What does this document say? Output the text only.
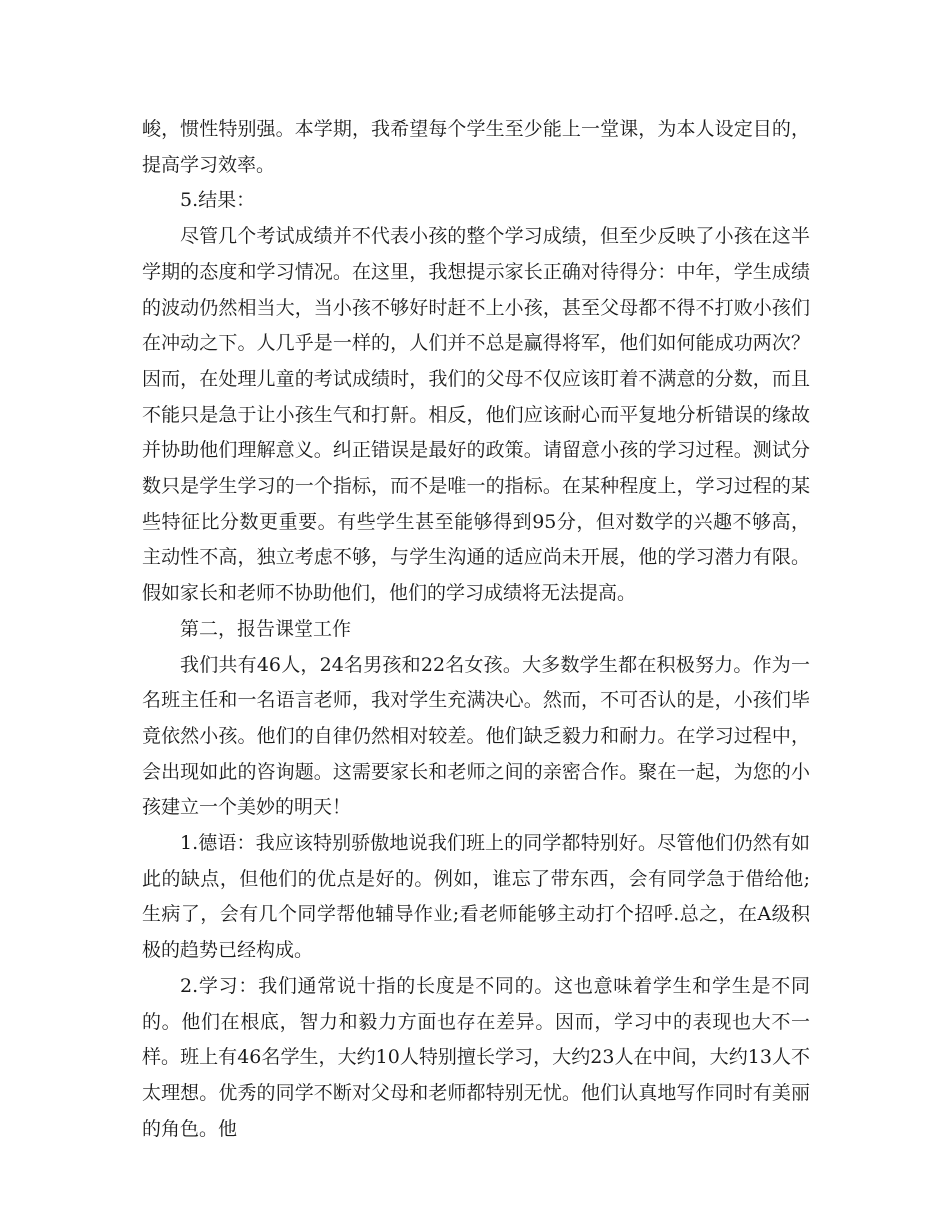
峻，惯性特别强。本学期，我希望每个学生至少能上一堂课，为本人设定目的，提高学习效率。

5.结果：

尽管几个考试成绩并不代表小孩的整个学习成绩，但至少反映了小孩在这半学期的态度和学习情况。在这里，我想提示家长正确对待得分：中年，学生成绩的波动仍然相当大，当小孩不够好时赶不上小孩，甚至父母都不得不打败小孩们在冲动之下。人几乎是一样的，人们并不总是赢得将军，他们如何能成功两次？因而，在处理儿童的考试成绩时，我们的父母不仅应该盯着不满意的分数，而且不能只是急于让小孩生气和打鼾。相反，他们应该耐心而平复地分析错误的缘故并协助他们理解意义。纠正错误是最好的政策。请留意小孩的学习过程。测试分数只是学生学习的一个指标，而不是唯一的指标。在某种程度上，学习过程的某些特征比分数更重要。有些学生甚至能够得到95分，但对数学的兴趣不够高，主动性不高，独立考虑不够，与学生沟通的适应尚未开展，他的学习潜力有限。假如家长和老师不协助他们，他们的学习成绩将无法提高。

第二，报告课堂工作

我们共有46人，24名男孩和22名女孩。大多数学生都在积极努力。作为一名班主任和一名语言老师，我对学生充满决心。然而，不可否认的是，小孩们毕竟依然小孩。他们的自律仍然相对较差。他们缺乏毅力和耐力。在学习过程中，会出现如此的咨询题。这需要家长和老师之间的亲密合作。聚在一起，为您的小孩建立一个美妙的明天！

1.德语：我应该特别骄傲地说我们班上的同学都特别好。尽管他们仍然有如此的缺点，但他们的优点是好的。例如，谁忘了带东西，会有同学急于借给他;生病了，会有几个同学帮他辅导作业;看老师能够主动打个招呼.总之，在A级积极的趋势已经构成。

2.学习：我们通常说十指的长度是不同的。这也意味着学生和学生是不同的。他们在根底，智力和毅力方面也存在差异。因而，学习中的表现也大不一样。班上有46名学生，大约10人特别擅长学习，大约23人在中间，大约13人不太理想。优秀的同学不断对父母和老师都特别无忧。他们认真地写作同时有美丽的角色。他
